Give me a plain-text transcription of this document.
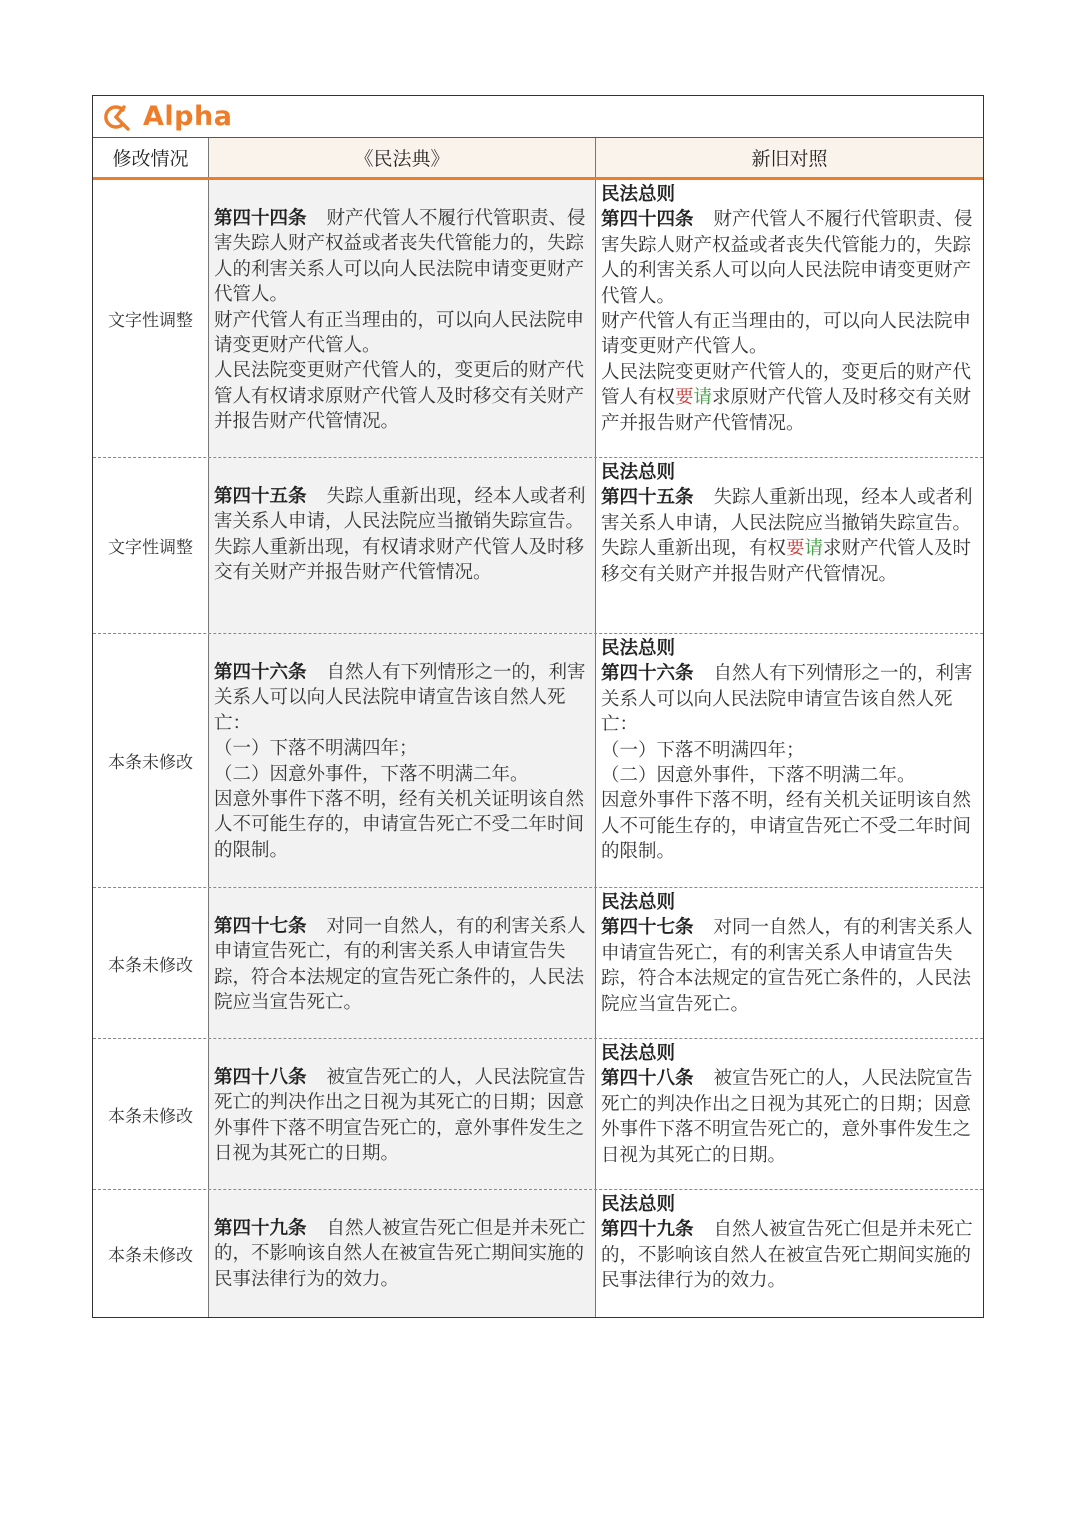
Alpha
修改情况	《民法典》	新旧对照
文字性调整
第四十四条 财产代管人不履行代管职责、侵害失踪人财产权益或者丧失代管能力的，失踪人的利害关系人可以向人民法院申请变更财产代管人。
财产代管人有正当理由的，可以向人民法院申请变更财产代管人。
人民法院变更财产代管人的，变更后的财产代管人有权请求原财产代管人及时移交有关财产并报告财产代管情况。
民法总则
第四十四条 财产代管人不履行代管职责、侵害失踪人财产权益或者丧失代管能力的，失踪人的利害关系人可以向人民法院申请变更财产代管人。
财产代管人有正当理由的，可以向人民法院申请变更财产代管人。
人民法院变更财产代管人的，变更后的财产代管人有权要请求原财产代管人及时移交有关财产并报告财产代管情况。
文字性调整
第四十五条 失踪人重新出现，经本人或者利害关系人申请，人民法院应当撤销失踪宣告。
失踪人重新出现，有权请求财产代管人及时移交有关财产并报告财产代管情况。
民法总则
第四十五条 失踪人重新出现，经本人或者利害关系人申请，人民法院应当撤销失踪宣告。
失踪人重新出现，有权要请求财产代管人及时移交有关财产并报告财产代管情况。
本条未修改
第四十六条 自然人有下列情形之一的，利害关系人可以向人民法院申请宣告该自然人死亡：
（一）下落不明满四年；
（二）因意外事件，下落不明满二年。
因意外事件下落不明，经有关机关证明该自然人不可能生存的，申请宣告死亡不受二年时间的限制。
民法总则
第四十六条 自然人有下列情形之一的，利害关系人可以向人民法院申请宣告该自然人死亡：
（一）下落不明满四年；
（二）因意外事件，下落不明满二年。
因意外事件下落不明，经有关机关证明该自然人不可能生存的，申请宣告死亡不受二年时间的限制。
本条未修改
第四十七条 对同一自然人，有的利害关系人申请宣告死亡，有的利害关系人申请宣告失踪，符合本法规定的宣告死亡条件的，人民法院应当宣告死亡。
民法总则
第四十七条 对同一自然人，有的利害关系人申请宣告死亡，有的利害关系人申请宣告失踪，符合本法规定的宣告死亡条件的，人民法院应当宣告死亡。
本条未修改
第四十八条 被宣告死亡的人，人民法院宣告死亡的判决作出之日视为其死亡的日期；因意外事件下落不明宣告死亡的，意外事件发生之日视为其死亡的日期。
民法总则
第四十八条 被宣告死亡的人，人民法院宣告死亡的判决作出之日视为其死亡的日期；因意外事件下落不明宣告死亡的，意外事件发生之日视为其死亡的日期。
本条未修改
第四十九条 自然人被宣告死亡但是并未死亡的，不影响该自然人在被宣告死亡期间实施的民事法律行为的效力。
民法总则
第四十九条 自然人被宣告死亡但是并未死亡的，不影响该自然人在被宣告死亡期间实施的民事法律行为的效力。
